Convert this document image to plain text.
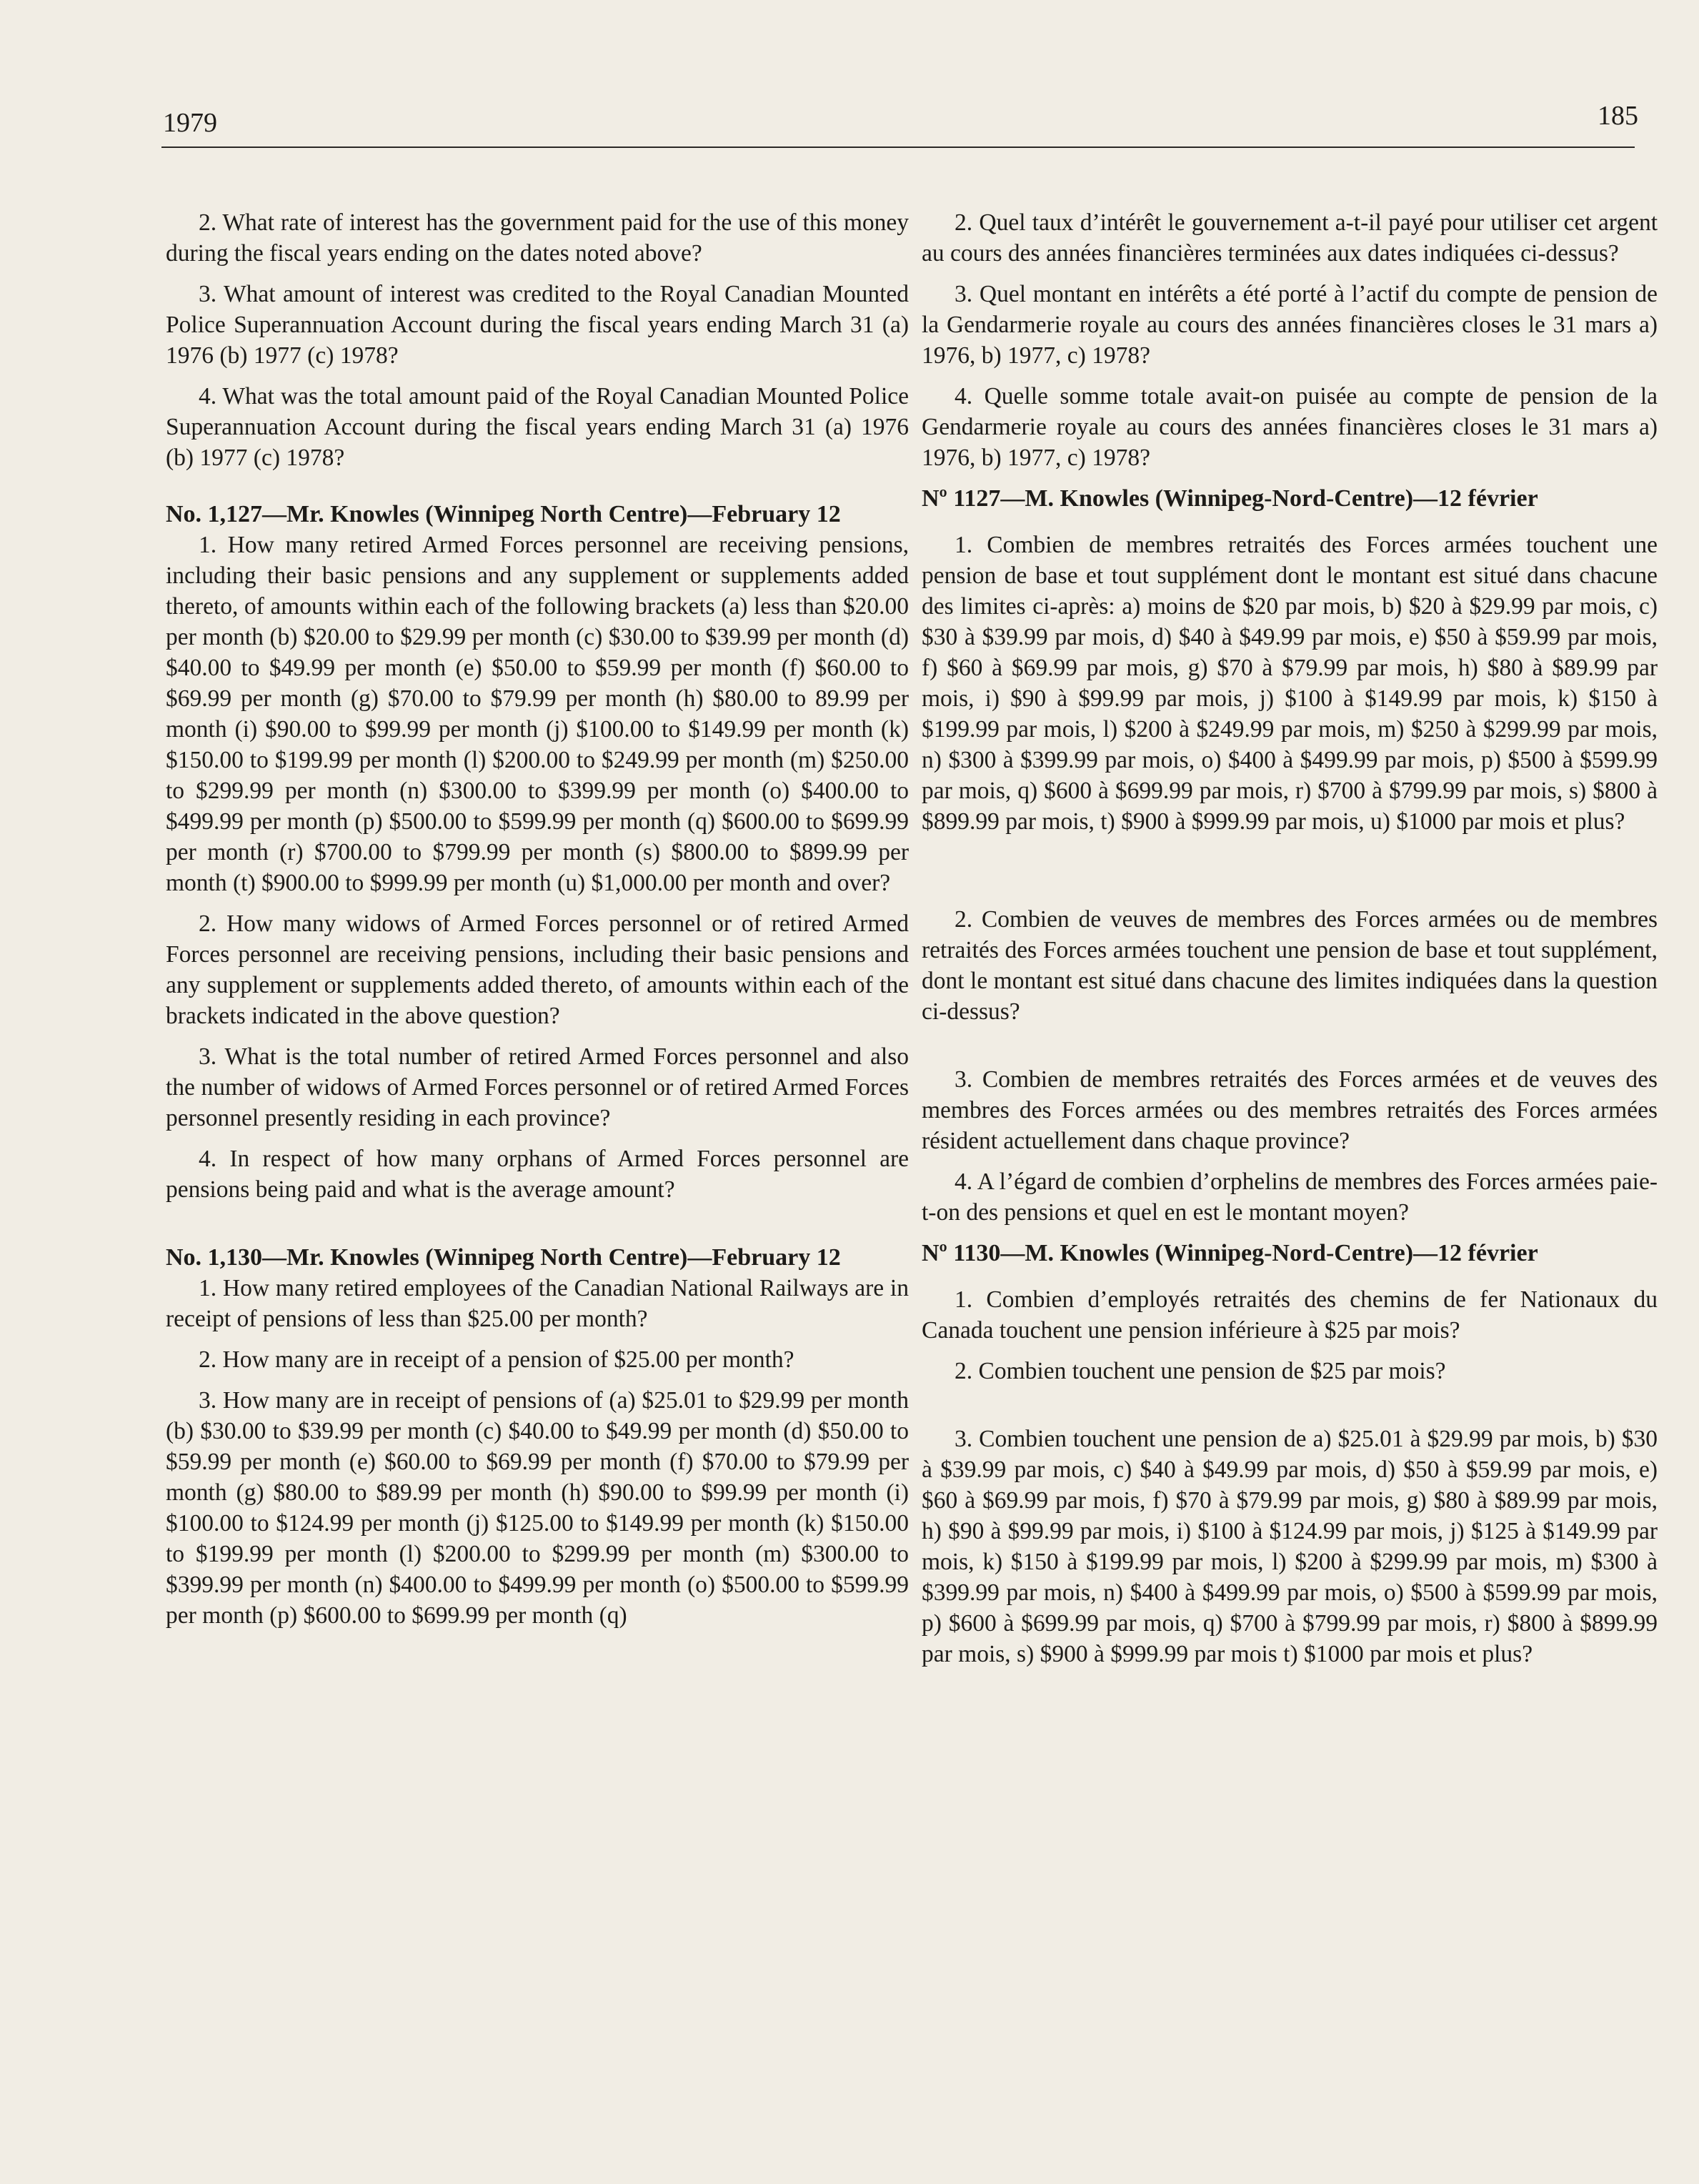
1979	185

2. What rate of interest has the government paid for the use of this money during the fiscal years ending on the dates noted above?

3. What amount of interest was credited to the Royal Canadian Mounted Police Superannuation Account during the fiscal years ending March 31 (a) 1976 (b) 1977 (c) 1978?

4. What was the total amount paid of the Royal Canadian Mounted Police Superannuation Account during the fiscal years ending March 31 (a) 1976 (b) 1977 (c) 1978?

No. 1,127—Mr. Knowles (Winnipeg North Centre)—February 12

1. How many retired Armed Forces personnel are receiving pensions, including their basic pensions and any supplement or supplements added thereto, of amounts within each of the following brackets (a) less than $20.00 per month (b) $20.00 to $29.99 per month (c) $30.00 to $39.99 per month (d) $40.00 to $49.99 per month (e) $50.00 to $59.99 per month (f) $60.00 to $69.99 per month (g) $70.00 to $79.99 per month (h) $80.00 to 89.99 per month (i) $90.00 to $99.99 per month (j) $100.00 to $149.99 per month (k) $150.00 to $199.99 per month (l) $200.00 to $249.99 per month (m) $250.00 to $299.99 per month (n) $300.00 to $399.99 per month (o) $400.00 to $499.99 per month (p) $500.00 to $599.99 per month (q) $600.00 to $699.99 per month (r) $700.00 to $799.99 per month (s) $800.00 to $899.99 per month (t) $900.00 to $999.99 per month (u) $1,000.00 per month and over?

2. How many widows of Armed Forces personnel or of retired Armed Forces personnel are receiving pensions, including their basic pensions and any supplement or supplements added thereto, of amounts within each of the brackets indicated in the above question?

3. What is the total number of retired Armed Forces personnel and also the number of widows of Armed Forces personnel or of retired Armed Forces personnel presently residing in each province?

4. In respect of how many orphans of Armed Forces personnel are pensions being paid and what is the average amount?

No. 1,130—Mr. Knowles (Winnipeg North Centre)—February 12

1. How many retired employees of the Canadian National Railways are in receipt of pensions of less than $25.00 per month?

2. How many are in receipt of a pension of $25.00 per month?

3. How many are in receipt of pensions of (a) $25.01 to $29.99 per month (b) $30.00 to $39.99 per month (c) $40.00 to $49.99 per month (d) $50.00 to $59.99 per month (e) $60.00 to $69.99 per month (f) $70.00 to $79.99 per month (g) $80.00 to $89.99 per month (h) $90.00 to $99.99 per month (i) $100.00 to $124.99 per month (j) $125.00 to $149.99 per month (k) $150.00 to $199.99 per month (l) $200.00 to $299.99 per month (m) $300.00 to $399.99 per month (n) $400.00 to $499.99 per month (o) $500.00 to $599.99 per month (p) $600.00 to $699.99 per month (q)

2. Quel taux d’intérêt le gouvernement a-t-il payé pour utiliser cet argent au cours des années financières terminées aux dates indiquées ci-dessus?

3. Quel montant en intérêts a été porté à l’actif du compte de pension de la Gendarmerie royale au cours des années financières closes le 31 mars a) 1976, b) 1977, c) 1978?

4. Quelle somme totale avait-on puisée au compte de pension de la Gendarmerie royale au cours des années financières closes le 31 mars a) 1976, b) 1977, c) 1978?

Nº 1127—M. Knowles (Winnipeg-Nord-Centre)—12 février

1. Combien de membres retraités des Forces armées touchent une pension de base et tout supplément dont le montant est situé dans chacune des limites ci-après: a) moins de $20 par mois, b) $20 à $29.99 par mois, c) $30 à $39.99 par mois, d) $40 à $49.99 par mois, e) $50 à $59.99 par mois, f) $60 à $69.99 par mois, g) $70 à $79.99 par mois, h) $80 à $89.99 par mois, i) $90 à $99.99 par mois, j) $100 à $149.99 par mois, k) $150 à $199.99 par mois, l) $200 à $249.99 par mois, m) $250 à $299.99 par mois, n) $300 à $399.99 par mois, o) $400 à $499.99 par mois, p) $500 à $599.99 par mois, q) $600 à $699.99 par mois, r) $700 à $799.99 par mois, s) $800 à $899.99 par mois, t) $900 à $999.99 par mois, u) $1000 par mois et plus?

2. Combien de veuves de membres des Forces armées ou de membres retraités des Forces armées touchent une pension de base et tout supplément, dont le montant est situé dans chacune des limites indiquées dans la question ci-dessus?

3. Combien de membres retraités des Forces armées et de veuves des membres des Forces armées ou des membres retraités des Forces armées résident actuellement dans chaque province?

4. A l’égard de combien d’orphelins de membres des Forces armées paie-t-on des pensions et quel en est le montant moyen?

Nº 1130—M. Knowles (Winnipeg-Nord-Centre)—12 février

1. Combien d’employés retraités des chemins de fer Nationaux du Canada touchent une pension inférieure à $25 par mois?

2. Combien touchent une pension de $25 par mois?

3. Combien touchent une pension de a) $25.01 à $29.99 par mois, b) $30 à $39.99 par mois, c) $40 à $49.99 par mois, d) $50 à $59.99 par mois, e) $60 à $69.99 par mois, f) $70 à $79.99 par mois, g) $80 à $89.99 par mois, h) $90 à $99.99 par mois, i) $100 à $124.99 par mois, j) $125 à $149.99 par mois, k) $150 à $199.99 par mois, l) $200 à $299.99 par mois, m) $300 à $399.99 par mois, n) $400 à $499.99 par mois, o) $500 à $599.99 par mois, p) $600 à $699.99 par mois, q) $700 à $799.99 par mois, r) $800 à $899.99 par mois, s) $900 à $999.99 par mois t) $1000 par mois et plus?
